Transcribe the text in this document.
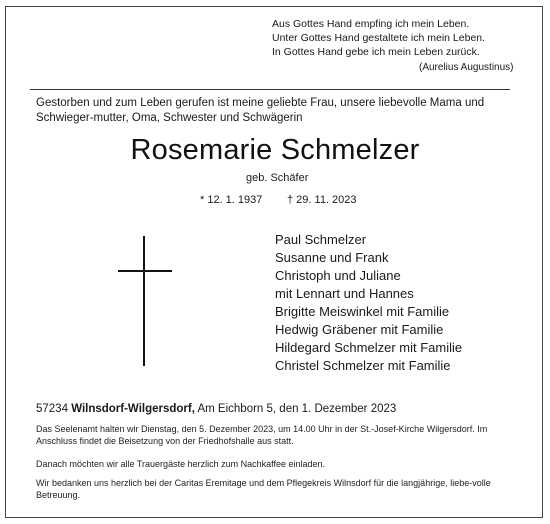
Aus Gottes Hand empfing ich mein Leben.
Unter Gottes Hand gestaltete ich mein Leben.
In Gottes Hand gebe ich mein Leben zurück.
(Aurelius Augustinus)
Gestorben und zum Leben gerufen ist meine geliebte Frau, unsere liebevolle Mama und Schwieger-mutter, Oma, Schwester und Schwägerin
Rosemarie Schmelzer
geb. Schäfer
* 12. 1. 1937 † 29. 11. 2023
Paul Schmelzer
Susanne und Frank
Christoph und Juliane
mit Lennart und Hannes
Brigitte Meiswinkel mit Familie
Hedwig Gräbener mit Familie
Hildegard Schmelzer mit Familie
Christel Schmelzer mit Familie
57234 Wilnsdorf-Wilgersdorf, Am Eichborn 5, den 1. Dezember 2023
Das Seelenamt halten wir Dienstag, den 5. Dezember 2023, um 14.00 Uhr in der St.-Josef-Kirche Wilgersdorf. Im Anschluss findet die Beisetzung von der Friedhofshalle aus statt.
Danach möchten wir alle Trauergäste herzlich zum Nachkaffee einladen.
Wir bedanken uns herzlich bei der Caritas Eremitage und dem Pflegekreis Wilnsdorf für die langjährige, liebe-volle Betreuung.
